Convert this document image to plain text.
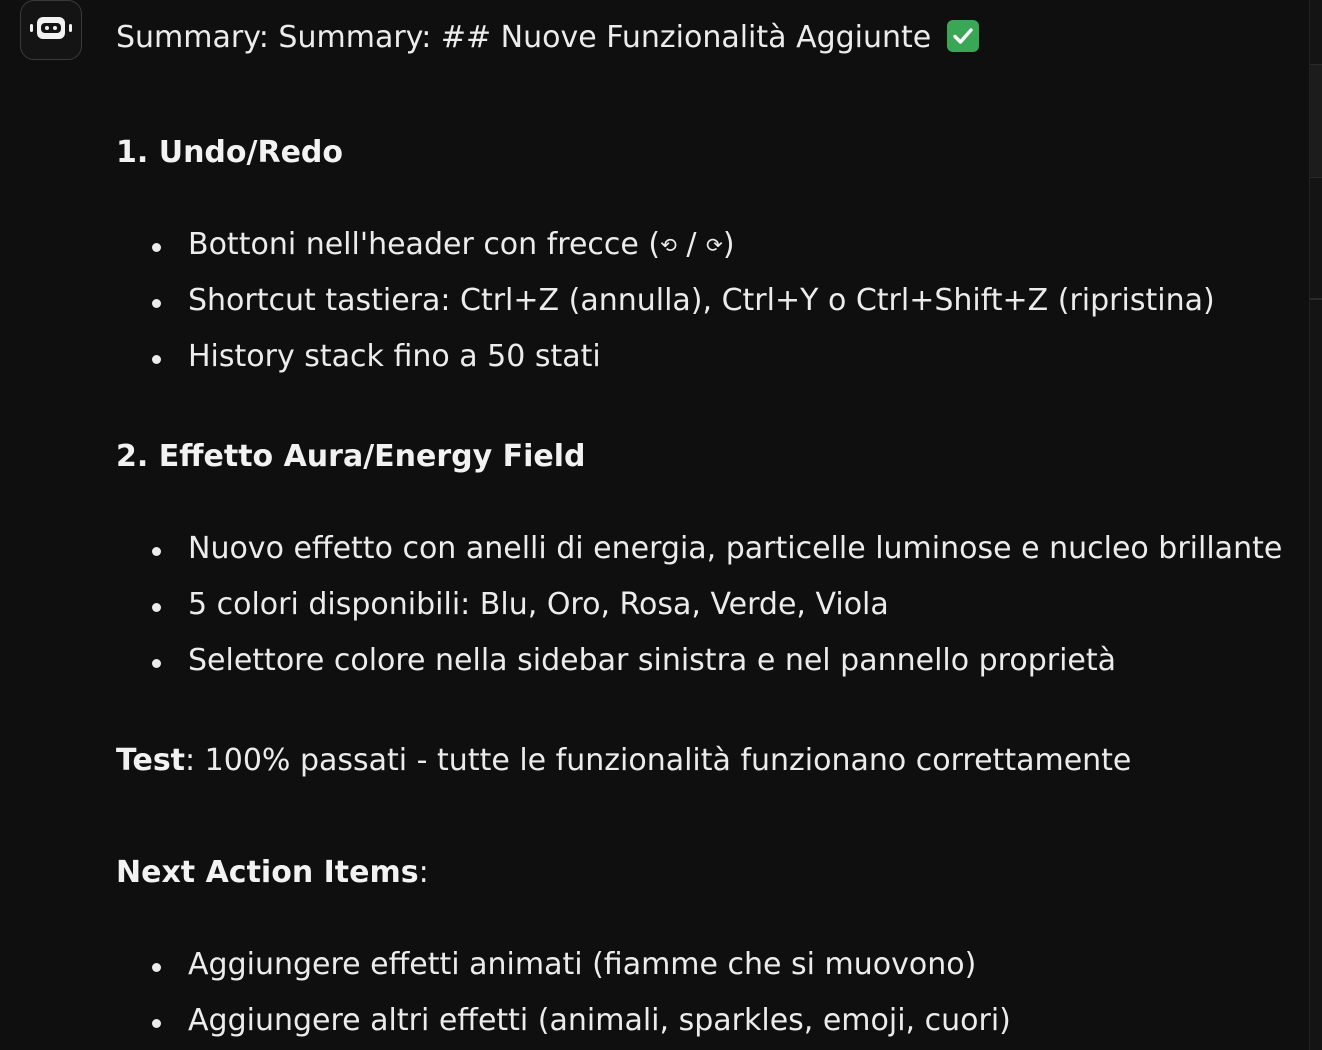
Summary: Summary: ## Nuove Funzionalità Aggiunte
1. Undo/Redo
Bottoni nell'header con frecce (⟲ / ⟳)
Shortcut tastiera: Ctrl+Z (annulla), Ctrl+Y o Ctrl+Shift+Z (ripristina)
History stack fino a 50 stati
2. Effetto Aura/Energy Field
Nuovo effetto con anelli di energia, particelle luminose e nucleo brillante
5 colori disponibili: Blu, Oro, Rosa, Verde, Viola
Selettore colore nella sidebar sinistra e nel pannello proprietà
Test: 100% passati - tutte le funzionalità funzionano correttamente
Next Action Items:
Aggiungere effetti animati (fiamme che si muovono)
Aggiungere altri effetti (animali, sparkles, emoji, cuori)
